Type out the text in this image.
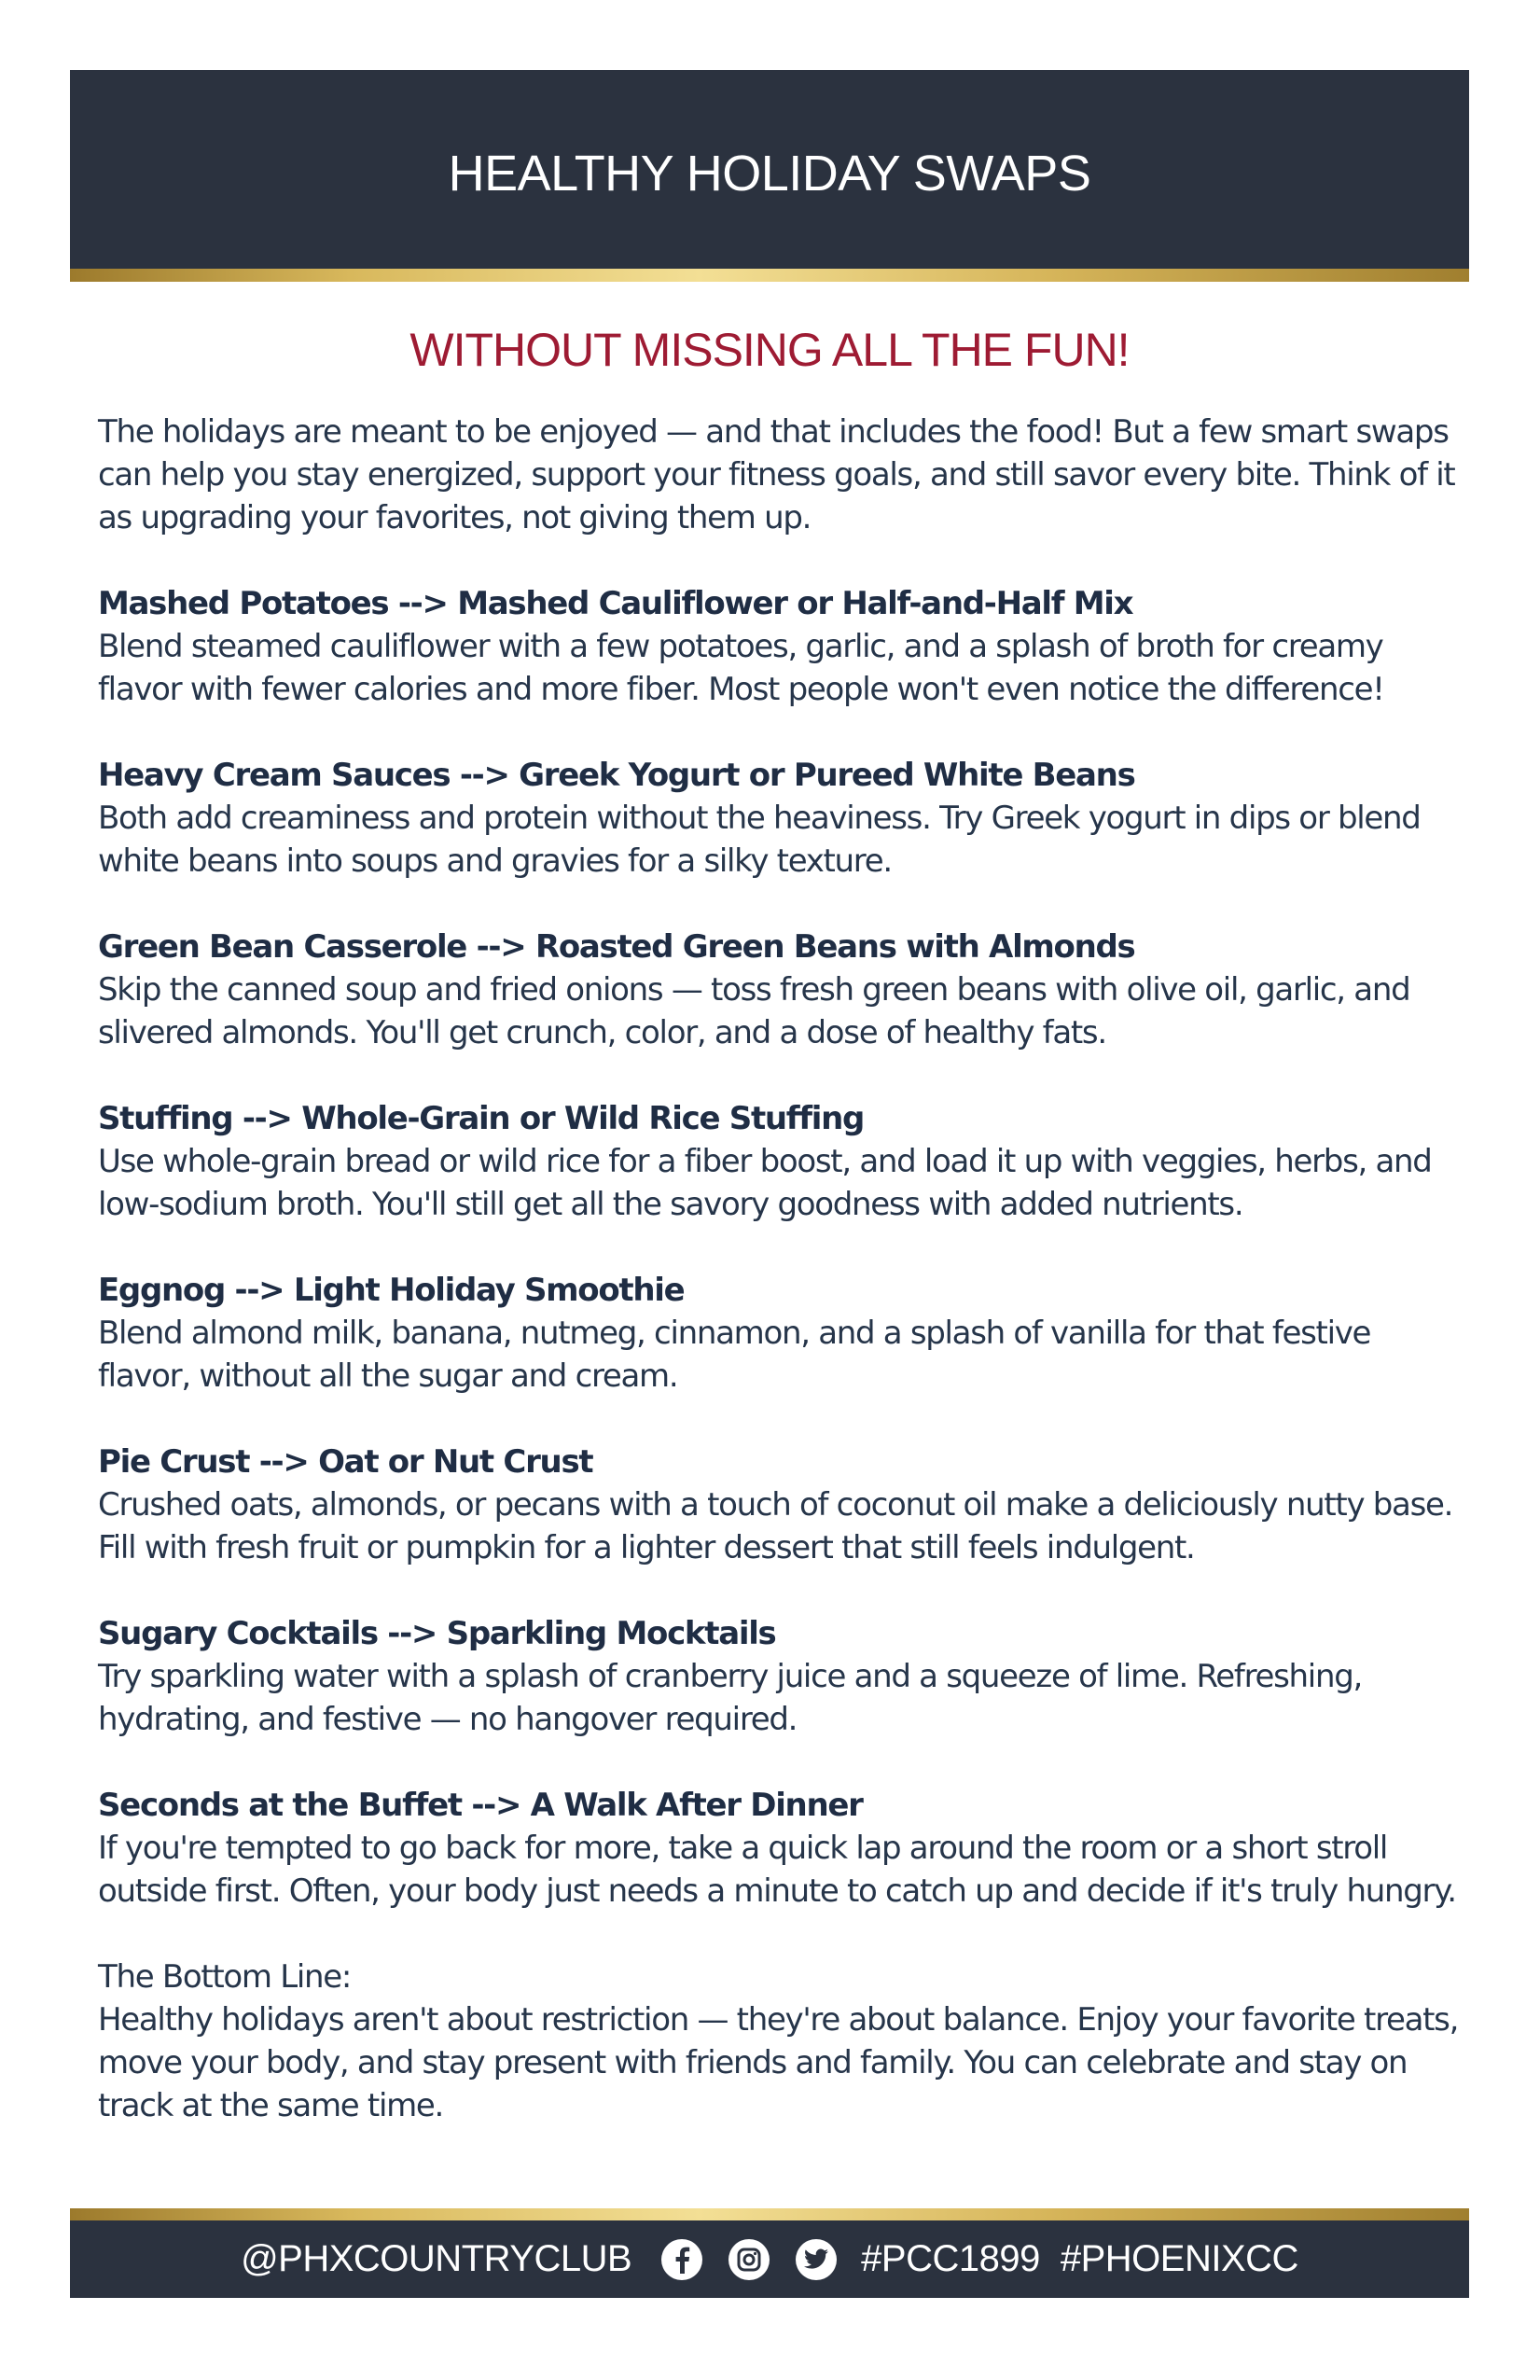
HEALTHY HOLIDAY SWAPS
WITHOUT MISSING ALL THE FUN!

The holidays are meant to be enjoyed — and that includes the food! But a few smart swaps can help you stay energized, support your fitness goals, and still savor every bite. Think of it as upgrading your favorites, not giving them up.

Mashed Potatoes --> Mashed Cauliflower or Half-and-Half Mix

Blend steamed cauliflower with a few potatoes, garlic, and a splash of broth for creamy flavor with fewer calories and more fiber. Most people won't even notice the difference!

Heavy Cream Sauces --> Greek Yogurt or Pureed White Beans

Both add creaminess and protein without the heaviness. Try Greek yogurt in dips or blend white beans into soups and gravies for a silky texture.

Green Bean Casserole --> Roasted Green Beans with Almonds

Skip the canned soup and fried onions — toss fresh green beans with olive oil, garlic, and slivered almonds. You'll get crunch, color, and a dose of healthy fats.

Stuffing --> Whole-Grain or Wild Rice Stuffing

Use whole-grain bread or wild rice for a fiber boost, and load it up with veggies, herbs, and low-sodium broth. You'll still get all the savory goodness with added nutrients.

Eggnog --> Light Holiday Smoothie

Blend almond milk, banana, nutmeg, cinnamon, and a splash of vanilla for that festive flavor, without all the sugar and cream.

Pie Crust --> Oat or Nut Crust

Crushed oats, almonds, or pecans with a touch of coconut oil make a deliciously nutty base. Fill with fresh fruit or pumpkin for a lighter dessert that still feels indulgent.

Sugary Cocktails --> Sparkling Mocktails

Try sparkling water with a splash of cranberry juice and a squeeze of lime. Refreshing, hydrating, and festive — no hangover required.

Seconds at the Buffet --> A Walk After Dinner

If you're tempted to go back for more, take a quick lap around the room or a short stroll outside first. Often, your body just needs a minute to catch up and decide if it's truly hungry.

The Bottom Line:

Healthy holidays aren't about restriction — they're about balance. Enjoy your favorite treats, move your body, and stay present with friends and family. You can celebrate and stay on track at the same time.

@PHXCOUNTRYCLUB	#PCC1899 #PHOENIXCC
